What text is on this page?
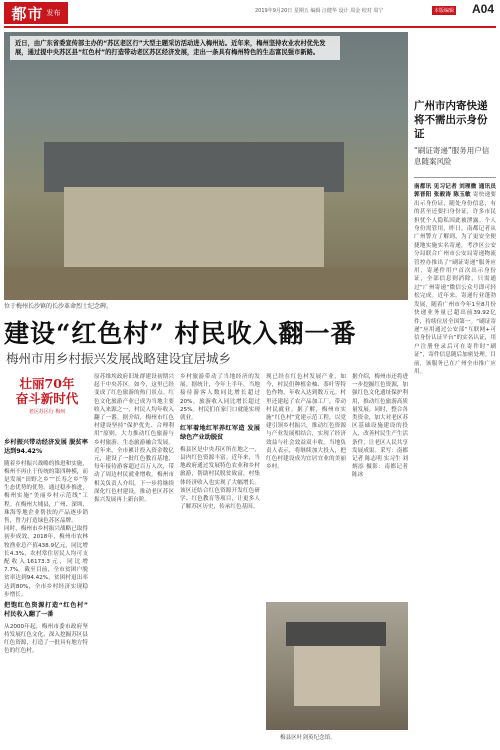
都市 发布	2019年9月20日 星期五 编辑 汪健华 设计 周金 校对 周宁	本版编辑 A04
近日，由广东省委宣传部主办的“苏区老区行”大型主题采访活动进入梅州站。近年来，梅州坚持农业农村优先发展，通过提中央苏区县“红色村”的打造带动老区苏区经济发展，走出一条具有梅州特色的生态富民强市新路。
位于梅州长沙镇的长沙革命烈士纪念碑。
广州市内寄快递将不需出示身份证
“刷证寄递”服务用户信息随案风险
南都讯 见习记者 刘理微 通讯员郭晋阳 张毅涛 陈玉敏 寄快递要出示身份证，随处身份信息，有的甚至还要扫身份证，许多市民担忧个人隐私因此被泄露。个人身份需管用，昨日，南都记者从广州警方了解到，为了更安全便捷地实施实名寄递，考沙区公安分局联合广州市公安局寄递物流管控办推出了“刷证寄递”服务应用，寄递件用户首次出示身份证，全部信息则消除，只需通过“广州寄递”微信公众号即可轻松完成。近年来，寄递行业蓬勃发展，随着广州市今年1至8月份快递业务量已超出前39.92亿件，持续位居全国第一。“刷证寄递”应用通过公安部“互联网+可信身份认证平台”的实名认证，用户注册登录后可在寄件时“刷证”，寄件信息随后加密处理。目前，该服务已在广州全市推广应用。
建设“红色村” 村民收入翻一番
梅州市用乡村振兴发展战略建设宜居城乡
壮丽70年
奋斗新时代
老区苏区行 梅州
乡村振兴带动经济发展 脱贫率达到94.42%

随着乡村振兴战略的推进和实施，梅州不再止于传统的第四种模，而是发展“田野之乡”“长寿之乡”等生态优势的优势。通过稳步推进，梅州实施“美丽乡村示范线”工程。在梅州大埔县，广州、深圳、珠海等地企业帮扶的产品逐步销售，曾力打造绿色苏区品牌。

同时，梅州市乡村振兴战略已取得初步成效。2018年，梅州市农林牧渔业总产值438.9亿元，同比增长4.3%，农村常住居民人均可支配收入16173.3元，同比增7.7%。截至目前，全市贫困户脱贫率达到94.42%，贫困村退出率达到80%，全市乡村经济实现稳步增长。

把饱红色资源打造“红色村” 村民收入翻了一番

从2000年起，梅州市委市政府坚持发展红色文化，深入挖掘苏区县红色资源，打造了一批具有地方特色的红色村。

原苏维埃政府旧址群建设初期兴起于中央苏区。如今，这里已经变成了红色旅游的热门景点。红色文化旅游产业已成为当地主要收入来源之一，村民人均年收入翻了一番。据介绍，梅州市红色村建设坚持“保护优先、合理利用”原则，大力推动红色旅游与乡村旅游、生态旅游融合发展。近年来，全市累计投入资金数亿元，建设了一批红色教育基地，每年接待游客超过百万人次，带动了周边村民就业增收。梅州市相关负责人介绍，下一步将继续深化红色村建设，推动老区苏区振兴发展再上新台阶。

乡村旅游带动了当地经济的发展。据统计，今年上半年，当地接待游客人数同比增长超过20%，旅游收入同比增长超过25%。村民们在家门口就能实现就业。

红军着地红军养红军造 发展绿色产业助脱贫

梅县区是中央苏区所在地之一，县内红色资源丰富。近年来，当地政府通过发展特色农业和乡村旅游，帮助村民脱贫致富，村集体经济收入也实现了大幅增长。该区还结合红色资源开发红色研学、红色教育等项目，让更多人了解苏区历史，传承红色基因。

现已经在红色村发展产业，如今，村民们种植金柚、茶叶等特色作物，年收入达到数万元。村里还建起了农产品加工厂，带动村民就业。据了解，梅州市实施“红色村”党建示范工程，以党建引领乡村振兴，推动红色资源与产业发展相结合，实现了经济效益与社会效益双丰收。当地负责人表示，将继续加大投入，把红色村建设成为宜居宜业的美丽乡村。

据介绍，梅州市还将进一步挖掘红色资源，加强红色文化遗址保护利用，推动红色旅游高质量发展。同时，整合各类资金，加大对老区苏区基础设施建设的投入，改善村民生产生活条件，让老区人民共享发展成果。采写：南都记者 陈志明 实习生 刘炳添 摄影：南都记者 陈冰

梅县区叶剑英纪念馆。
